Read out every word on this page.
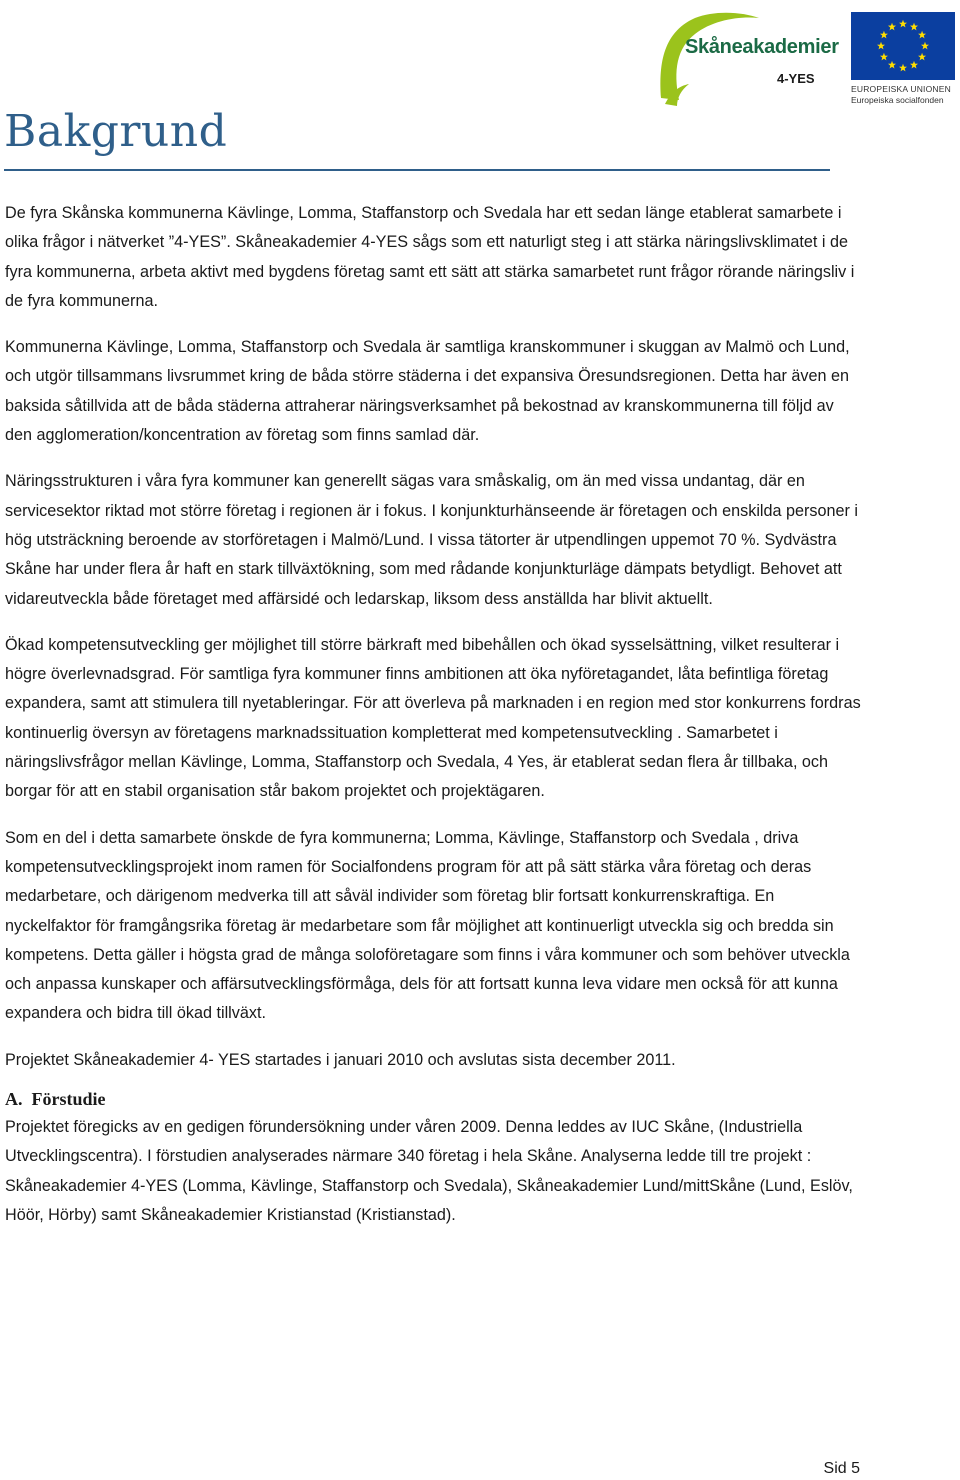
Skåneakademier
4-YES
EUROPEISKA UNIONEN
Europeiska socialfonden
Bakgrund

De fyra Skånska kommunerna Kävlinge, Lomma, Staffanstorp och Svedala har ett sedan länge etablerat samarbete i olika frågor i nätverket ”4-YES”. Skåneakademier 4-YES sågs som ett naturligt steg i att stärka näringslivsklimatet i de fyra kommunerna, arbeta aktivt med bygdens företag samt ett sätt att stärka samarbetet runt frågor rörande näringsliv i de fyra kommunerna.

Kommunerna Kävlinge, Lomma, Staffanstorp och Svedala är samtliga kranskommuner i skuggan av Malmö och Lund, och utgör tillsammans livsrummet kring de båda större städerna i det expansiva Öresundsregionen. Detta har även en baksida såtillvida att de båda städerna attraherar näringsverksamhet på bekostnad av kranskommunerna till följd av den agglomeration/koncentration av företag som finns samlad där.

Näringsstrukturen i våra fyra kommuner kan generellt sägas vara småskalig, om än med vissa undantag, där en servicesektor riktad mot större företag i regionen är i fokus. I konjunkturhänseende är företagen och enskilda personer i hög utsträckning beroende av storföretagen i Malmö/Lund. I vissa tätorter är utpendlingen uppemot 70 %. Sydvästra Skåne har under flera år haft en stark tillväxtökning, som med rådande konjunkturläge dämpats betydligt. Behovet att vidareutveckla både företaget med affärsidé och ledarskap, liksom dess anställda har blivit aktuellt.

Ökad kompetensutveckling ger möjlighet till större bärkraft med bibehållen och ökad sysselsättning, vilket resulterar i högre överlevnadsgrad. För samtliga fyra kommuner finns ambitionen att öka nyföretagandet, låta befintliga företag expandera, samt att stimulera till nyetableringar. För att överleva på marknaden i en region med stor konkurrens fordras kontinuerlig översyn av företagens marknadssituation kompletterat med kompetensutveckling . Samarbetet i näringslivsfrågor mellan Kävlinge, Lomma, Staffanstorp och Svedala, 4 Yes, är etablerat sedan flera år tillbaka, och borgar för att en stabil organisation står bakom projektet och projektägaren.

Som en del i detta samarbete önskde de fyra kommunerna; Lomma, Kävlinge, Staffanstorp och Svedala , driva kompetensutvecklingsprojekt inom ramen för Socialfondens program för att på sätt stärka våra företag och deras medarbetare, och därigenom medverka till att såväl individer som företag blir fortsatt konkurrenskraftiga. En nyckelfaktor för framgångsrika företag är medarbetare som får möjlighet att kontinuerligt utveckla sig och bredda sin kompetens. Detta gäller i högsta grad de många soloföretagare som finns i våra kommuner och som behöver utveckla och anpassa kunskaper och affärsutvecklingsförmåga, dels för att fortsatt kunna leva vidare men också för att kunna expandera och bidra till ökad tillväxt.

Projektet Skåneakademier 4- YES startades i januari 2010 och avslutas sista december 2011.

A. Förstudie

Projektet föregicks av en gedigen förundersökning under våren 2009. Denna leddes av IUC Skåne, (Industriella Utvecklingscentra). I förstudien analyserades närmare 340 företag i hela Skåne. Analyserna ledde till tre projekt : Skåneakademier 4-YES (Lomma, Kävlinge, Staffanstorp och Svedala), Skåneakademier Lund/mittSkåne (Lund, Eslöv, Höör, Hörby) samt Skåneakademier Kristianstad (Kristianstad).

Sid 5
